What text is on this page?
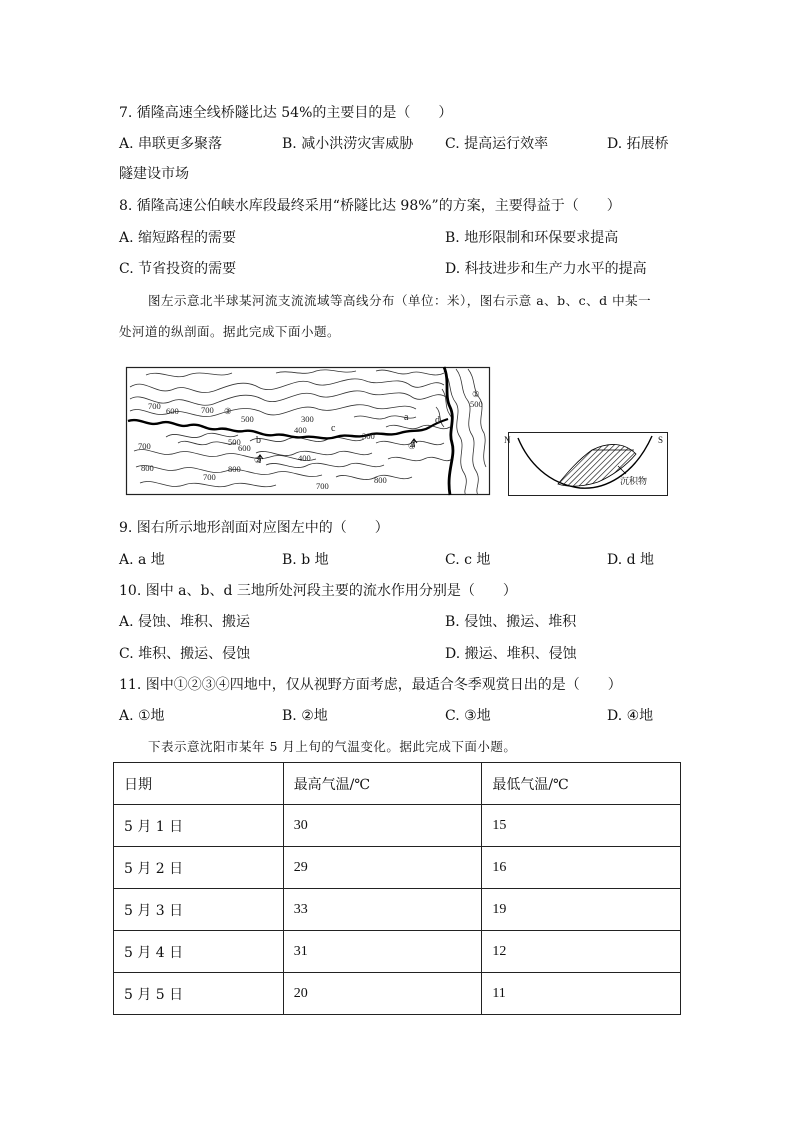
7. 循隆高速全线桥隧比达 54%的主要目的是（　　）
A. 串联更多聚落	B. 减小洪涝灾害威胁 C. 提高运行效率	D. 拓展桥
隧建设市场
8. 循隆高速公伯峡水库段最终采用“桥隧比达 98%”的方案，主要得益于（　　）
A. 缩短路程的需要	B. 地形限制和环保要求提高
C. 节省投资的需要	D. 科技进步和生产力水平的提高
图左示意北半球某河流支流流域等高线分布（单位：米），图右示意 a、b、c、d 中某一
处河道的纵剖面。据此完成下面小题。
700 600
500	300	a
700
400
500
600
700
800	800
300
400
700
700
800
d
c
b
①
500
②
③
④
N	S
沉积物
9. 图右所示地形剖面对应图左中的（　　）
A. a 地	B. b 地	C. c 地	D. d 地
10. 图中 a、b、d 三地所处河段主要的流水作用分别是（　　）
A. 侵蚀、堆积、搬运	B. 侵蚀、搬运、堆积
C. 堆积、搬运、侵蚀	D. 搬运、堆积、侵蚀
11. 图中①②③④四地中，仅从视野方面考虑，最适合冬季观赏日出的是（　　）
A. ①地	B. ②地	C. ③地	D. ④地
下表示意沈阳市某年 5 月上旬的气温变化。据此完成下面小题。
日期	最高气温/℃	最低气温/℃
5 月 1 日	30	15
5 月 2 日	29	16
5 月 3 日	33	19
5 月 4 日	31	12
5 月 5 日	20	11
